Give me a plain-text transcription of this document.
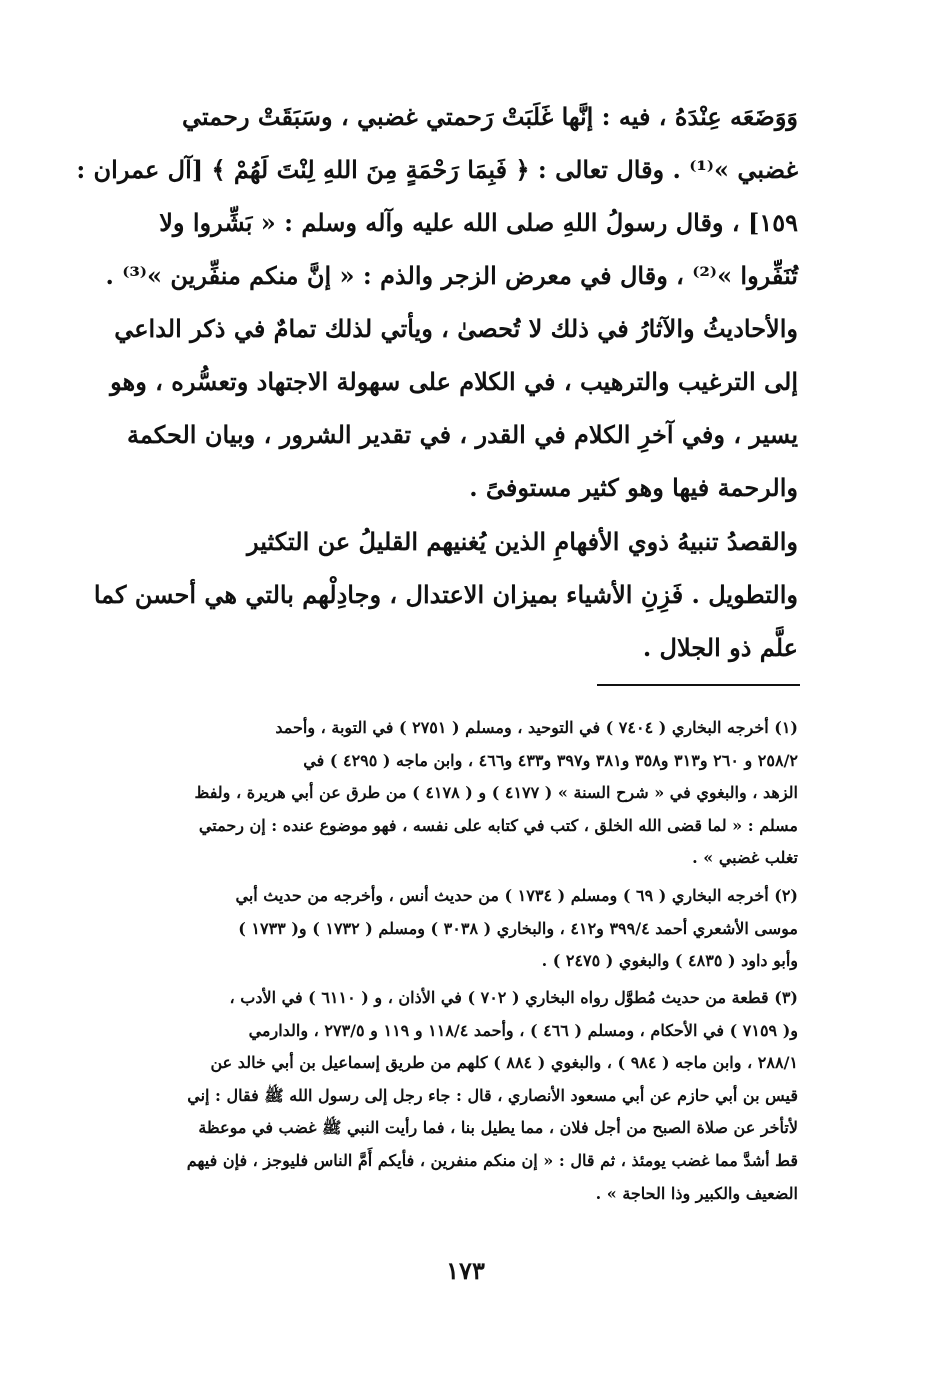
وَوَضَعَه عِنْدَهُ ، فيه : إنَّها غَلَبَتْ رَحمتي غضبي ، وسَبَقَتْ رحمتي
غضبي »⁽¹⁾ . وقال تعالى : ﴿ فَبِمَا رَحْمَةٍ مِنَ اللهِ لِنْتَ لَهُمْ ﴾ [آل عمران :
١٥٩] ، وقال رسولُ اللهِ صلى الله عليه وآله وسلم : « بَشِّروا ولا
تُنَفِّروا »⁽²⁾ ، وقال في معرض الزجر والذم : « إنَّ منكم منفِّرين »⁽³⁾ .
والأحاديثُ والآثارُ في ذلك لا تُحصىٰ ، ويأتي لذلك تمامٌ في ذكر الداعي
إلى الترغيب والترهيب ، في الكلام على سهولة الاجتهاد وتعسُّره ، وهو
يسير ، وفي آخرِ الكلام في القدر ، في تقدير الشرور ، وبيان الحكمة
والرحمة فيها وهو كثير مستوفىً .
والقصدُ تنبيهُ ذوي الأفهامِ الذين يُغنيهم القليلُ عن التكثير
والتطويل . فَزِنِ الأشياء بميزان الاعتدال ، وجادِلْهم بالتي هي أحسن كما
علَّم ذو الجلال .
(١) أخرجه البخاري ( ٧٤٠٤ ) في التوحيد ، ومسلم ( ٢٧٥١ ) في التوبة ، وأحمد
٢٥٨/٢ و ٢٦٠ و٣١٣ و٣٥٨ و٣٨١ و٣٩٧ و٤٣٣ و٤٦٦ ، وابن ماجه ( ٤٢٩٥ ) في
الزهد ، والبغوي في « شرح السنة » ( ٤١٧٧ ) و ( ٤١٧٨ ) من طرق عن أبي هريرة ، ولفظ
مسلم : « لما قضى الله الخلق ، كتب في كتابه على نفسه ، فهو موضوع عنده : إن رحمتي
تغلب غضبي » .
(٢) أخرجه البخاري ( ٦٩ ) ومسلم ( ١٧٣٤ ) من حديث أنس ، وأخرجه من حديث أبي
موسى الأشعري أحمد ٣٩٩/٤ و٤١٢ ، والبخاري ( ٣٠٣٨ ) ومسلم ( ١٧٣٢ ) و( ١٧٣٣ )
وأبو داود ( ٤٨٣٥ ) والبغوي ( ٢٤٧٥ ) .
(٣) قطعة من حديث مُطوَّل رواه البخاري ( ٧٠٢ ) في الأذان ، و ( ٦١١٠ ) في الأدب ،
و( ٧١٥٩ ) في الأحكام ، ومسلم ( ٤٦٦ ) ، وأحمد ١١٨/٤ و ١١٩ و ٢٧٣/٥ ، والدارمي
٢٨٨/١ ، وابن ماجه ( ٩٨٤ ) ، والبغوي ( ٨٨٤ ) كلهم من طريق إسماعيل بن أبي خالد عن
قيس بن أبي حازم عن أبي مسعود الأنصاري ، قال : جاء رجل إلى رسول الله ﷺ فقال : إني
لأتأخر عن صلاة الصبح من أجل فلان ، مما يطيل بنا ، فما رأيت النبي ﷺ غضب في موعظة
قط أشدَّ مما غضب يومئذ ، ثم قال : « إن منكم منفرين ، فأيكم أَمَّ الناس فليوجز ، فإن فيهم
الضعيف والكبير وذا الحاجة » .
١٧٣
